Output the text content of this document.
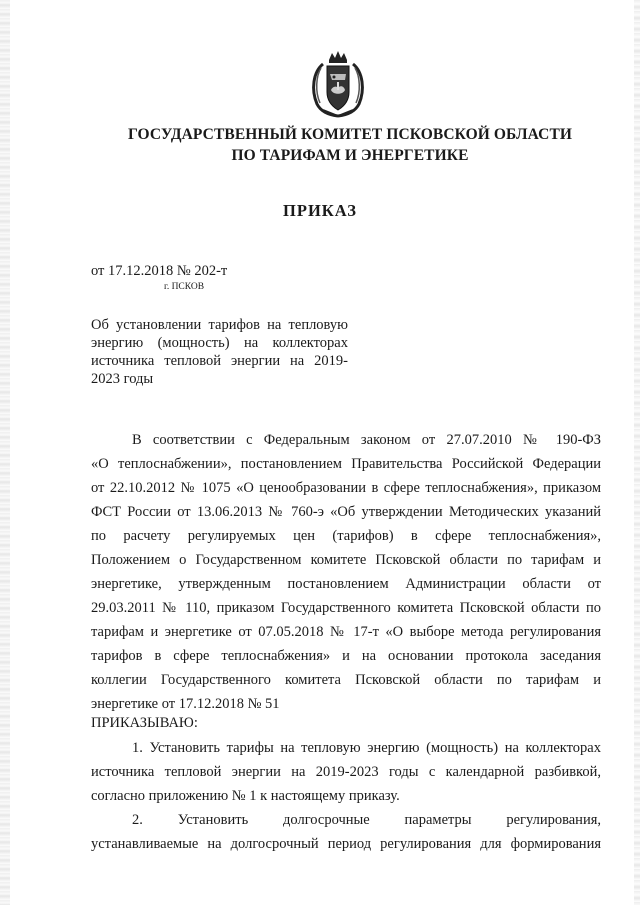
ГОСУДАРСТВЕННЫЙ КОМИТЕТ ПСКОВСКОЙ ОБЛАСТИ
ПО ТАРИФАМ И ЭНЕРГЕТИКЕ
ПРИКАЗ
от 17.12.2018 № 202-т
г. ПСКОВ
Об установлении тарифов на тепловую
энергию (мощность) на коллекторах
источника тепловой энергии на 2019-
2023 годы
В соответствии с Федеральным законом от 27.07.2010 № 190-ФЗ
«О теплоснабжении», постановлением Правительства Российской Федерации
от 22.10.2012 № 1075 «О ценообразовании в сфере теплоснабжения», приказом
ФСТ России от 13.06.2013 № 760-э «Об утверждении Методических указаний
по расчету регулируемых цен (тарифов) в сфере теплоснабжения»,
Положением о Государственном комитете Псковской области по тарифам и
энергетике, утвержденным постановлением Администрации области от
29.03.2011 № 110, приказом Государственного комитета Псковской области по
тарифам и энергетике от 07.05.2018 № 17-т «О выборе метода регулирования
тарифов в сфере теплоснабжения» и на основании протокола заседания
коллегии Государственного комитета Псковской области по тарифам и
энергетике от 17.12.2018 № 51
ПРИКАЗЫВАЮ:
1. Установить тарифы на тепловую энергию (мощность) на коллекторах
источника тепловой энергии на 2019-2023 годы с календарной разбивкой,
согласно приложению № 1 к настоящему приказу.
2. Установить долгосрочные параметры регулирования,
устанавливаемые на долгосрочный период регулирования для формирования
